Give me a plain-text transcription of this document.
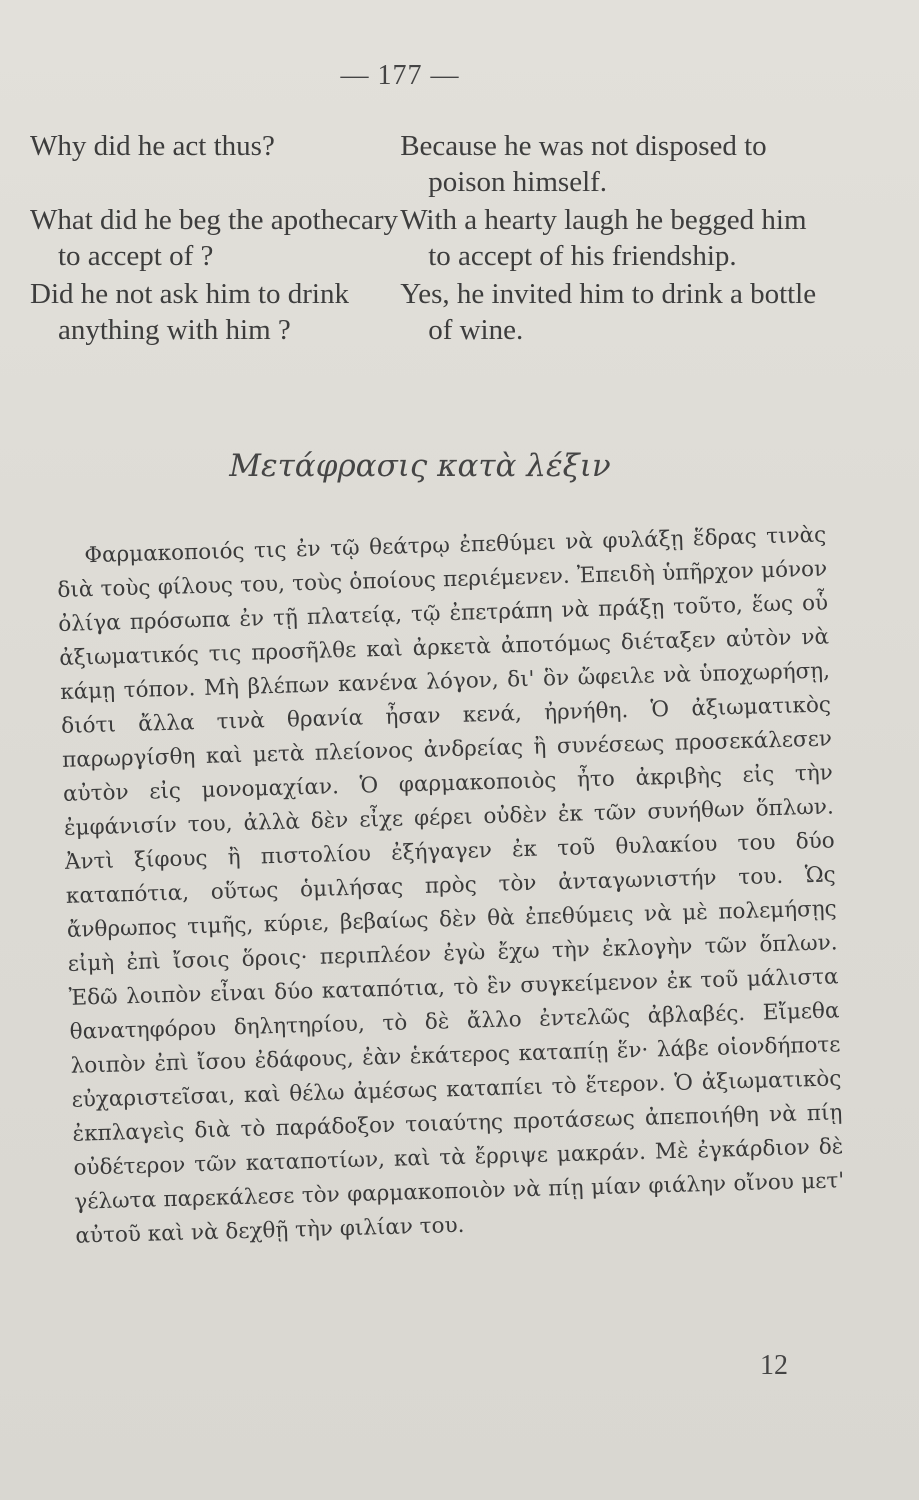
— 177 —
Why did he act thus?	Because he was not disposed to poison himself.
What did he beg the apothecary to accept of ?
With a hearty laugh he begged him to accept of his friendship.
Did he not ask him to drink anything with him ?
Yes, he invited him to drink a bottle of wine.
Μετάφρασις κατὰ λέξιν

Φαρμακοποιός τις ἐν τῷ θεάτρῳ ἐπεθύμει νὰ φυλάξῃ ἕδρας τινὰς διὰ τοὺς φίλους του, τοὺς ὁποίους περιέμενεν. Ἐπειδὴ ὑπῆρχον μόνον ὀλίγα πρόσωπα ἐν τῇ πλατείᾳ, τῷ ἐπετράπη νὰ πράξῃ τοῦτο, ἕως οὗ ἀξιωματικός τις προσῆλθε καὶ ἀρκετὰ ἀποτόμως διέταξεν αὐτὸν νὰ κάμῃ τόπον. Μὴ βλέπων κανένα λόγον, δι' ὃν ὤφειλε νὰ ὑποχωρήσῃ, διότι ἄλλα τινὰ θρανία ἦσαν κενά, ἠρνήθη. Ὁ ἀξιωματικὸς παρωργίσθη καὶ μετὰ πλείονος ἀνδρείας ἢ συνέσεως προσεκάλεσεν αὐτὸν εἰς μονομαχίαν. Ὁ φαρμακοποιὸς ἦτο ἀκριβὴς εἰς τὴν ἐμφάνισίν του, ἀλλὰ δὲν εἶχε φέρει οὐδὲν ἐκ τῶν συνήθων ὅπλων. Ἀντὶ ξίφους ἢ πιστολίου ἐξήγαγεν ἐκ τοῦ θυλακίου του δύο καταπότια, οὕτως ὁμιλήσας πρὸς τὸν ἀνταγωνιστήν του. Ὡς ἄνθρωπος τιμῆς, κύριε, βεβαίως δὲν θὰ ἐπεθύμεις νὰ μὲ πολεμήσῃς εἰμὴ ἐπὶ ἴσοις ὅροις· περιπλέον ἐγὼ ἔχω τὴν ἐκλογὴν τῶν ὅπλων. Ἐδῶ λοιπὸν εἶναι δύο καταπότια, τὸ ἓν συγκείμενον ἐκ τοῦ μάλιστα θανατηφόρου δηλητηρίου, τὸ δὲ ἄλλο ἐντελῶς ἀβλαβές. Εἴμεθα λοιπὸν ἐπὶ ἴσου ἐδάφους, ἐὰν ἑκάτερος καταπίῃ ἕν· λάβε οἱονδήποτε εὐχαριστεῖσαι, καὶ θέλω ἀμέσως καταπίει τὸ ἕτερον. Ὁ ἀξιωματικὸς ἐκπλαγεὶς διὰ τὸ παράδοξον τοιαύτης προτάσεως ἀπεποιήθη νὰ πίῃ οὐδέτερον τῶν καταποτίων, καὶ τὰ ἔρριψε μακράν. Μὲ ἐγκάρδιον δὲ γέλωτα παρεκάλεσε τὸν φαρμακοποιὸν νὰ πίῃ μίαν φιάλην οἴνου μετ' αὐτοῦ καὶ νὰ δεχθῇ τὴν φιλίαν του.

12
